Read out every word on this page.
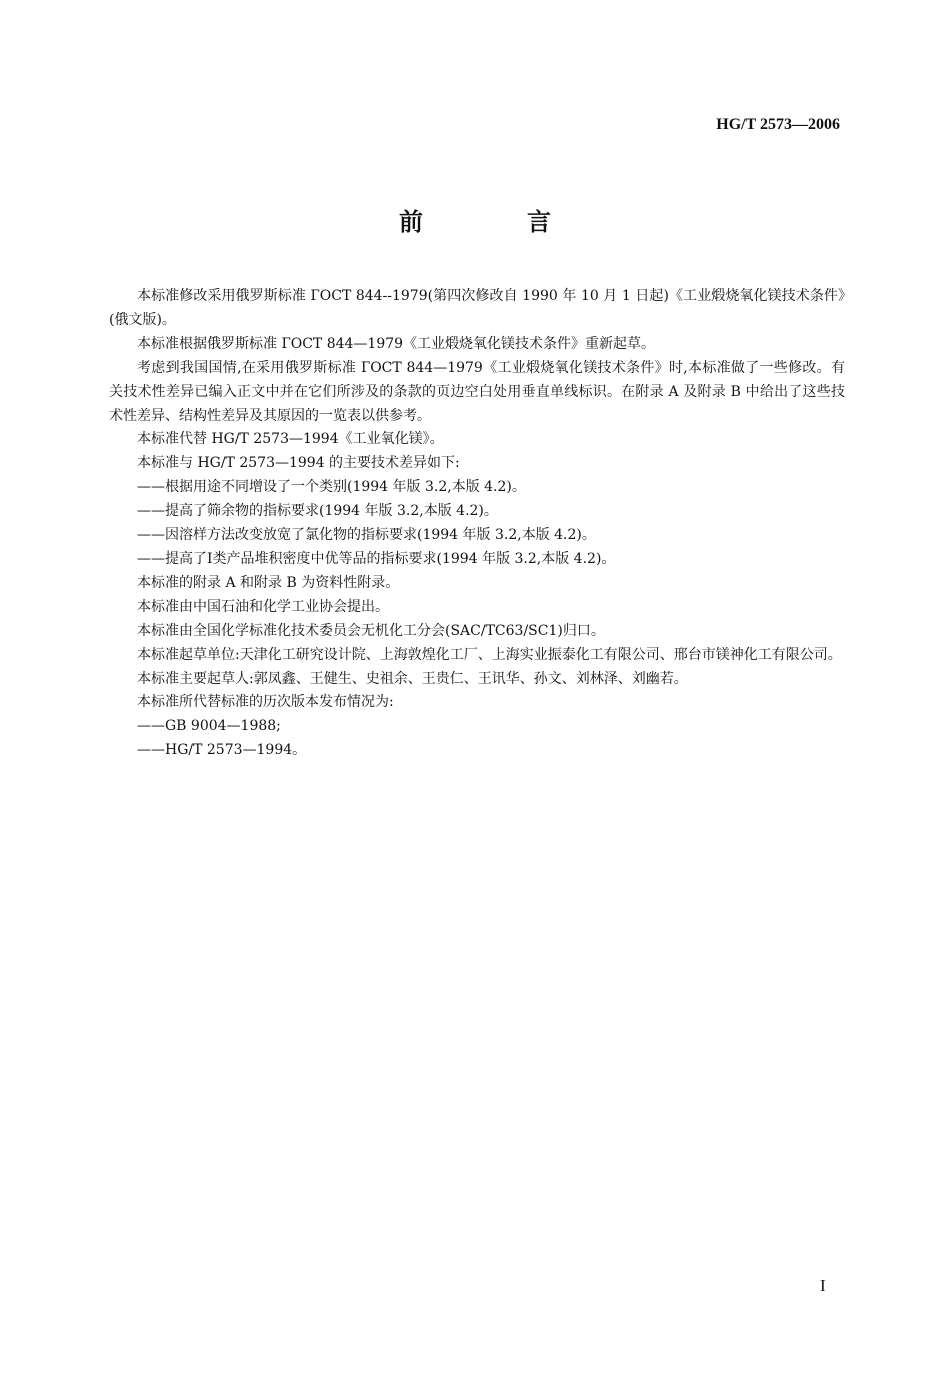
HG/T 2573—2006
前　言

本标准修改采用俄罗斯标准 ГОСТ 844--1979(第四次修改自 1990 年 10 月 1 日起)《工业煅烧氧化镁技术条件》(俄文版)。

本标准根据俄罗斯标准 ГОСТ 844—1979《工业煅烧氧化镁技术条件》重新起草。

考虑到我国国情,在采用俄罗斯标准 ГОСТ 844—1979《工业煅烧氧化镁技术条件》时,本标准做了一些修改。有关技术性差异已编入正文中并在它们所涉及的条款的页边空白处用垂直单线标识。在附录 A 及附录 B 中给出了这些技术性差异、结构性差异及其原因的一览表以供参考。

本标准代替 HG/T 2573—1994《工业氧化镁》。

本标准与 HG/T 2573—1994 的主要技术差异如下:

——根据用途不同增设了一个类别(1994 年版 3.2,本版 4.2)。

——提高了筛余物的指标要求(1994 年版 3.2,本版 4.2)。

——因溶样方法改变放宽了氯化物的指标要求(1994 年版 3.2,本版 4.2)。

——提高了Ⅰ类产品堆积密度中优等品的指标要求(1994 年版 3.2,本版 4.2)。

本标准的附录 A 和附录 B 为资料性附录。

本标准由中国石油和化学工业协会提出。

本标准由全国化学标准化技术委员会无机化工分会(SAC/TC63/SC1)归口。

本标准起草单位:天津化工研究设计院、上海敦煌化工厂、上海实业振泰化工有限公司、邢台市镁神化工有限公司。

本标准主要起草人:郭凤鑫、王健生、史祖余、王贵仁、王讯华、孙文、刘林泽、刘幽若。

本标准所代替标准的历次版本发布情况为:

——GB 9004—1988;

——HG/T 2573—1994。

I
